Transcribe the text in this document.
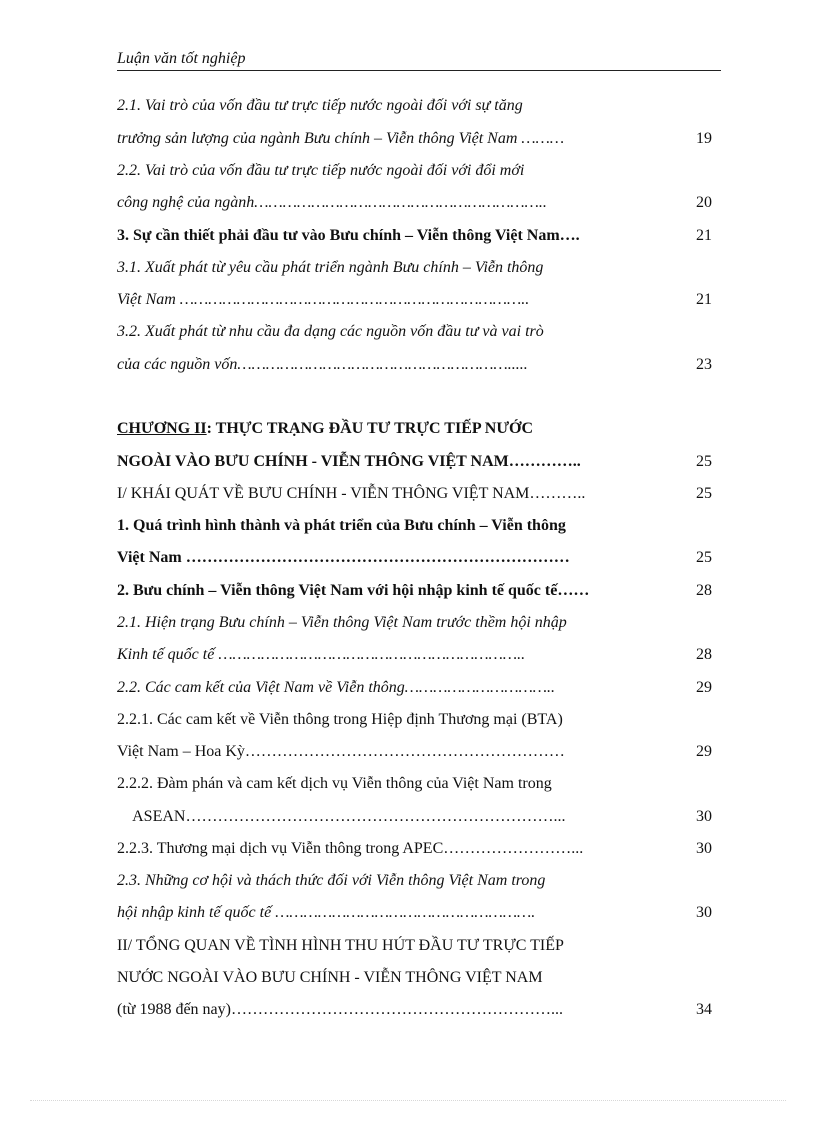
Luận văn tốt nghiệp
2.1. Vai trò của vốn đầu tư trực tiếp nước ngoài đối với sự tăng
trưởng sản lượng của ngành Bưu chính – Viễn thông Việt Nam ………	19
2.2. Vai trò của vốn đầu tư trực tiếp nước ngoài đối với đổi mới
công nghệ của ngành……………………………………………………..	20
3. Sự cần thiết phải đầu tư vào Bưu chính – Viễn thông Việt Nam….	21
3.1. Xuất phát từ yêu cầu phát triển ngành Bưu chính – Viễn thông
Việt Nam ………………………………………………………………..	21
3.2. Xuất phát từ nhu cầu đa dạng các nguồn vốn đầu tư và vai trò
của các nguồn vốn………………………………………………….....	23
CHƯƠNG II: THỰC TRẠNG ĐẦU TƯ TRỰC TIẾP NƯỚC
NGOÀI VÀO BƯU CHÍNH - VIỄN THÔNG VIỆT NAM…………..	25
I/ KHÁI QUÁT VỀ BƯU CHÍNH - VIỄN THÔNG VIỆT NAM………..	25
1. Quá trình hình thành và phát triển của Bưu chính – Viễn thông
Việt Nam ………………………………………………………………	25
2. Bưu chính – Viễn thông Việt Nam với hội nhập kinh tế quốc tế……	28
2.1. Hiện trạng Bưu chính – Viễn thông Việt Nam trước thềm hội nhập
Kinh tế quốc tế ………………………………………………………..	28
2.2. Các cam kết của Việt Nam về Viễn thông…………………………..	29
2.2.1. Các cam kết về Viễn thông trong Hiệp định Thương mại (BTA)
Việt Nam – Hoa Kỳ……………………………………………………	29
2.2.2. Đàm phán và cam kết dịch vụ Viễn thông của Việt Nam trong
ASEAN……………………………………………………………...	30
2.2.3. Thương mại dịch vụ Viễn thông trong APEC……………………...	30
2.3. Những cơ hội và thách thức đối với Viễn thông Việt Nam trong
hội nhập kinh tế quốc tế ……………………………………………….	30
II/ TỔNG QUAN VỀ TÌNH HÌNH THU HÚT ĐẦU TƯ TRỰC TIẾP
NƯỚC NGOÀI VÀO BƯU CHÍNH - VIỄN THÔNG VIỆT NAM
(từ 1988 đến nay)……………………………………………………...	34
